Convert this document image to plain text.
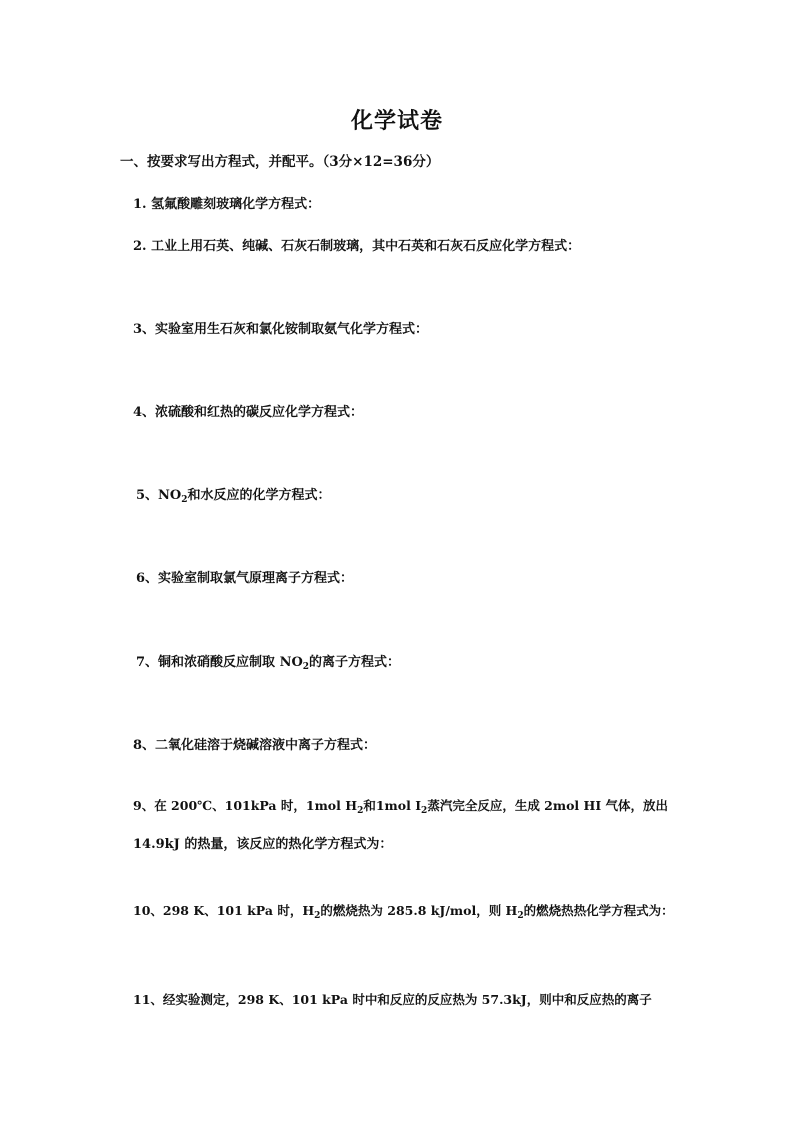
化学试卷
一、按要求写出方程式，并配平。（3分×12=36分）
1. 氢氟酸雕刻玻璃化学方程式：
2. 工业上用石英、纯碱、石灰石制玻璃，其中石英和石灰石反应化学方程式：
3、实验室用生石灰和氯化铵制取氨气化学方程式：
4、浓硫酸和红热的碳反应化学方程式：
5、$NO_2$和水反应的化学方程式：
6、实验室制取氯气原理离子方程式：
7、铜和浓硝酸反应制取 $NO_2$的离子方程式：
8、二氧化硅溶于烧碱溶液中离子方程式：
9、在 200℃、101kPa 时，1mol $H_2$和1mol $I_2$蒸汽完全反应，生成 2mol HI 气体，放出
14.9kJ 的热量，该反应的热化学方程式为：
10、298 K、101 kPa 时，$H_2$的燃烧热为 285.8 kJ/mol，则 $H_2$的燃烧热热化学方程式为：
11、经实验测定，298 K、101 kPa 时中和反应的反应热为 57.3kJ，则中和反应热的离子
